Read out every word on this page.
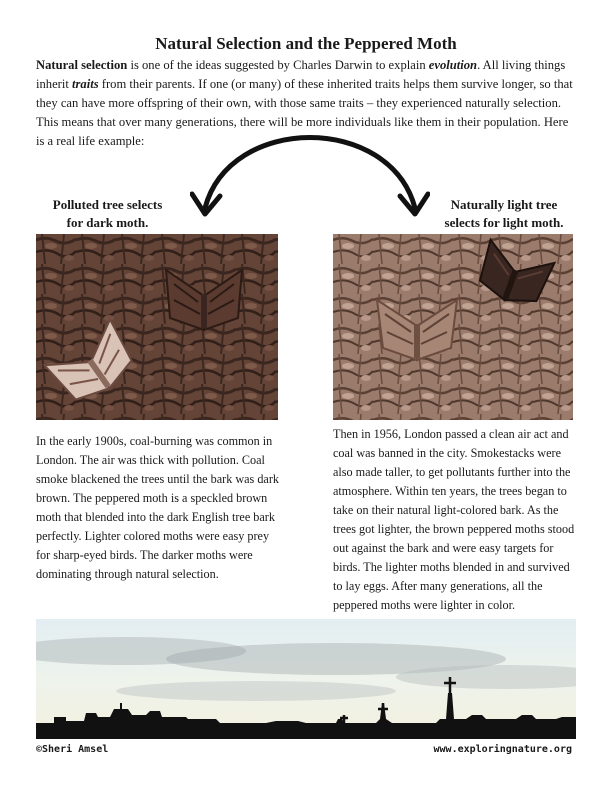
Natural Selection and the Peppered Moth
Natural selection is one of the ideas suggested by Charles Darwin to explain evolution. All living things inherit traits from their parents. If one (or many) of these inherited traits helps them survive longer, so that they can have more offspring of their own, with those same traits – they experienced naturally selection. This means that over many generations, there will be more individuals like them in their population. Here is a real life example:
Polluted tree selects
for dark moth.
Naturally light tree
selects for light moth.
In the early 1900s, coal-burning was common in London. The air was thick with pollution. Coal smoke blackened the trees until the bark was dark brown. The peppered moth is a speckled brown moth that blended into the dark English tree bark perfectly. Lighter colored moths were easy prey for sharp-eyed birds. The darker moths were dominating through natural selection.
Then in 1956, London passed a clean air act and coal was banned in the city. Smokestacks were also made taller, to get pollutants further into the atmosphere. Within ten years, the trees began to take on their natural light-colored bark. As the trees got lighter, the brown peppered moths stood out against the bark and were easy targets for birds. The lighter moths blended in and survived to lay eggs. After many generations, all the peppered moths were lighter in color.
©Sheri Amsel	www.exploringnature.org
